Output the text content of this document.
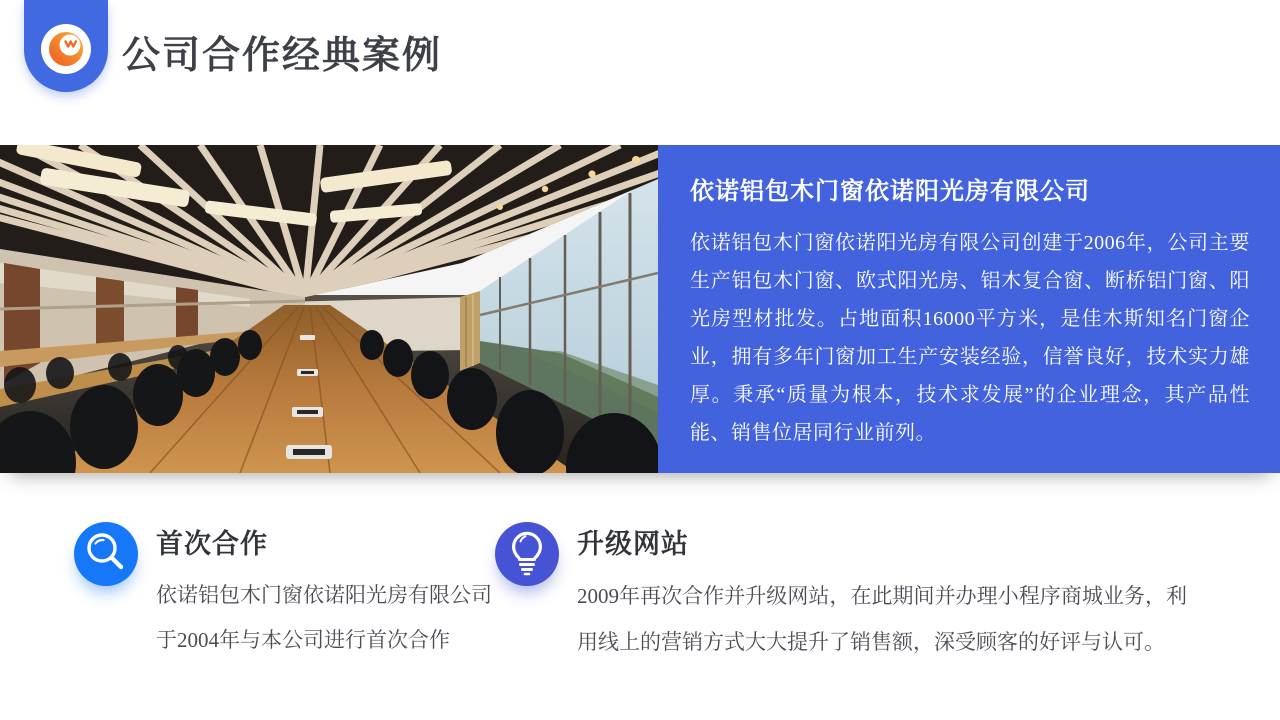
公司合作经典案例
依诺铝包木门窗依诺阳光房有限公司

依诺铝包木门窗依诺阳光房有限公司创建于2006年，公司主要生产铝包木门窗、欧式阳光房、铝木复合窗、断桥铝门窗、阳光房型材批发。占地面积16000平方米，是佳木斯知名门窗企业，拥有多年门窗加工生产安装经验，信誉良好，技术实力雄厚。秉承“质量为根本，技术求发展”的企业理念，其产品性能、销售位居同行业前列。

首次合作

依诺铝包木门窗依诺阳光房有限公司于2004年与本公司进行首次合作

升级网站

2009年再次合作并升级网站，在此期间并办理小程序商城业务，利用线上的营销方式大大提升了销售额，深受顾客的好评与认可。
